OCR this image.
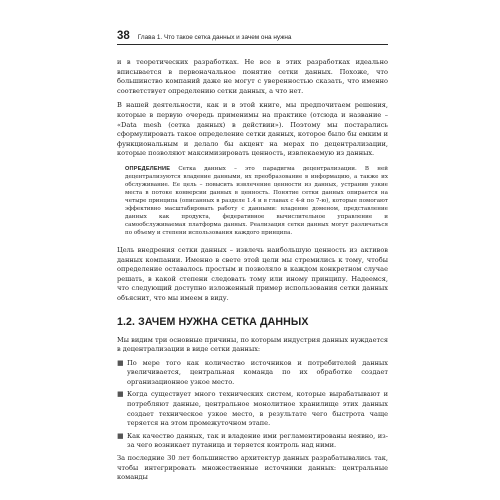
38 Глава 1. Что такое сетка данных и зачем она нужна

и в теоретических разработках. Не все в этих разработках идеально вписывается в первоначальное понятие сетки данных. Похоже, что большинство компаний даже не могут с уверенностью сказать, что именно соответствует определению сетки данных, а что нет.

В нашей деятельности, как и в этой книге, мы предпочитаем решения, которые в первую очередь применимы на практике (отсюда и название – «Data mesh (сетка данных) в действии»). Поэтому мы постарались сформулировать такое определение сетки данных, которое было бы емким и функциональным и делало бы акцент на мерах по децентрализации, которые позволяют максимизировать ценность, извлекаемую из данных.

ОПРЕДЕЛЕНИЕ Сетка данных – это парадигма децентрализации. В ней децентрализуются владение данными, их преобразование в информацию, а также их обслуживание. Ее цель – повысить извлечение ценности из данных, устранив узкие места в потоке конверсии данных в ценность. Понятие сетки данных опирается на четыре принципа (описанных в разделе 1.4 и в главах с 4-й по 7-ю), которые помогают эффективно масштабировать работу с данными: владение доменом, представление данных как продукта, федеративное вычислительное управление и самообслуживаемая платформа данных. Реализация сетки данных могут различаться по объему и степени использования каждого принципа.

Цель внедрения сетки данных – извлечь наибольшую ценность из активов данных компании. Именно в свете этой цели мы стремились к тому, чтобы определение оставалось простым и позволяло в каждом конкретном случае решать, в какой степени следовать тому или иному принципу. Надеемся, что следующий доступно изложенный пример использования сетки данных объяснит, что мы имеем в виду.

1.2. ЗАЧЕМ НУЖНА СЕТКА ДАННЫХ

Мы видим три основные причины, по которым индустрия данных нуждается в децентрализации в виде сетки данных:

■ По мере того как количество источников и потребителей данных увеличивается, центральная команда по их обработке создает организационное узкое место.
■ Когда существует много технических систем, которые вырабатывают и потребляют данные, центральное монолитное хранилище этих данных создает техническое узкое место, в результате чего быстрота чаще теряется на этом промежуточном этапе.
■ Как качество данных, так и владение ими регламентированы неявно, из-за чего возникает путаница и теряется контроль над ними.

За последние 30 лет большинство архитектур данных разрабатывались так, чтобы интегрировать множественные источники данных: центральные команды
